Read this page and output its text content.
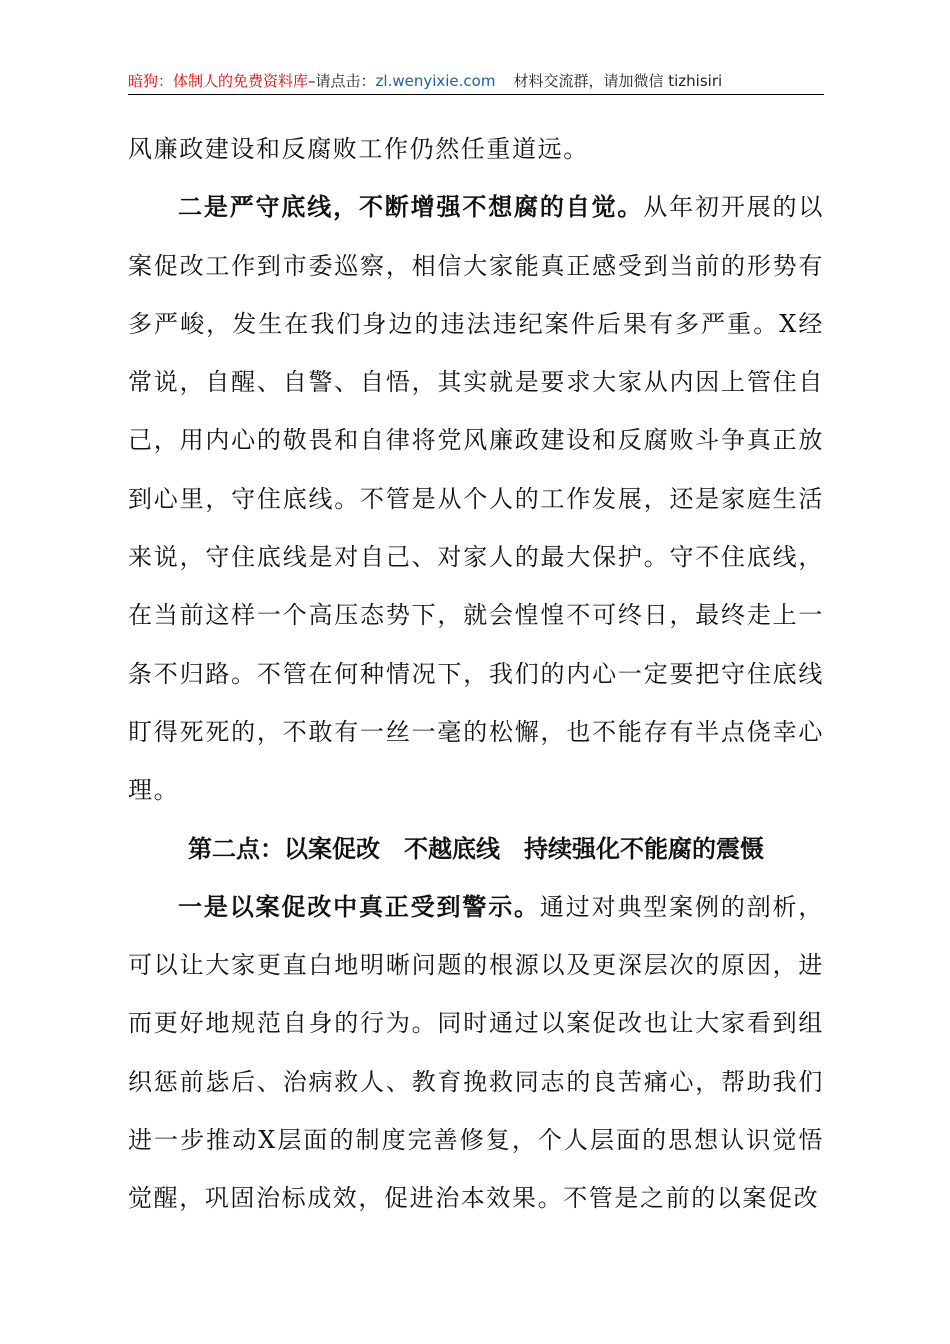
暗狗：体制人的免费资料库–请点击：zl.wenyixie.com 材料交流群，请加微信 tizhisiri

风廉政建设和反腐败工作仍然任重道远。

二是严守底线，不断增强不想腐的自觉。从年初开展的以案促改工作到市委巡察，相信大家能真正感受到当前的形势有多严峻，发生在我们身边的违法违纪案件后果有多严重。X经常说，自醒、自警、自悟，其实就是要求大家从内因上管住自己，用内心的敬畏和自律将党风廉政建设和反腐败斗争真正放到心里，守住底线。不管是从个人的工作发展，还是家庭生活来说，守住底线是对自己、对家人的最大保护。守不住底线，在当前这样一个高压态势下，就会惶惶不可终日，最终走上一条不归路。不管在何种情况下，我们的内心一定要把守住底线盯得死死的，不敢有一丝一毫的松懈，也不能存有半点侥幸心理。

第二点：以案促改　不越底线　持续强化不能腐的震慑

一是以案促改中真正受到警示。通过对典型案例的剖析，可以让大家更直白地明晰问题的根源以及更深层次的原因，进而更好地规范自身的行为。同时通过以案促改也让大家看到组织惩前毖后、治病救人、教育挽救同志的良苦痛心，帮助我们进一步推动X层面的制度完善修复，个人层面的思想认识觉悟觉醒，巩固治标成效，促进治本效果。不管是之前的以案促改
